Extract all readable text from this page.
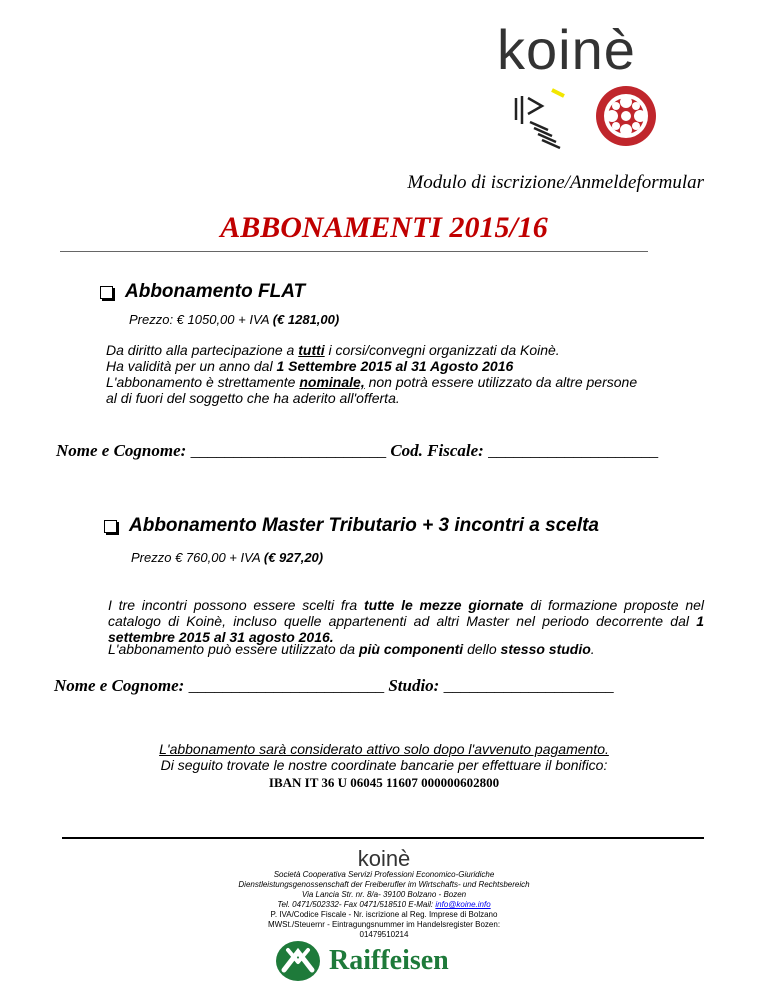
koinè
Modulo di iscrizione/Anmeldeformular
ABBONAMENTI 2015/16
Abbonamento FLAT
Prezzo: € 1050,00 + IVA (€ 1281,00)
Da diritto alla partecipazione a tutti i corsi/convegni organizzati da Koinè.
Ha validità per un anno dal 1 Settembre 2015 al 31 Agosto 2016
L'abbonamento è strettamente nominale, non potrà essere utilizzato da altre persone
al di fuori del soggetto che ha aderito all'offerta.
Nome e Cognome: _______________________ Cod. Fiscale: ____________________
Abbonamento Master Tributario + 3 incontri a scelta
Prezzo € 760,00 + IVA (€ 927,20)
I tre incontri possono essere scelti fra tutte le mezze giornate di formazione proposte nel catalogo di Koinè, incluso quelle appartenenti ad altri Master nel periodo decorrente dal 1 settembre 2015 al 31 agosto 2016.
L'abbonamento può essere utilizzato da più componenti dello stesso studio.
Nome e Cognome: _______________________ Studio: ____________________
L'abbonamento sarà considerato attivo solo dopo l'avvenuto pagamento.
Di seguito trovate le nostre coordinate bancarie per effettuare il bonifico:
IBAN IT 36 U 06045 11607 000000602800
koinè
Società Cooperativa Servizi Professioni Economico-Giuridiche
Dienstleistungsgenossenschaft der Freiberufler im Wirtschafts- und Rechtsbereich
Via Lancia Str. nr. 8/a- 39100 Bolzano - Bozen
Tel. 0471/502332- Fax 0471/518510 E-Mail: info@koine.info
P. IVA/Codice Fiscale - Nr. iscrizione al Reg. Imprese di Bolzano
MWSt./Steuernr - Eintragungsnummer im Handelsregister Bozen:
01479510214
Raiffeisen
